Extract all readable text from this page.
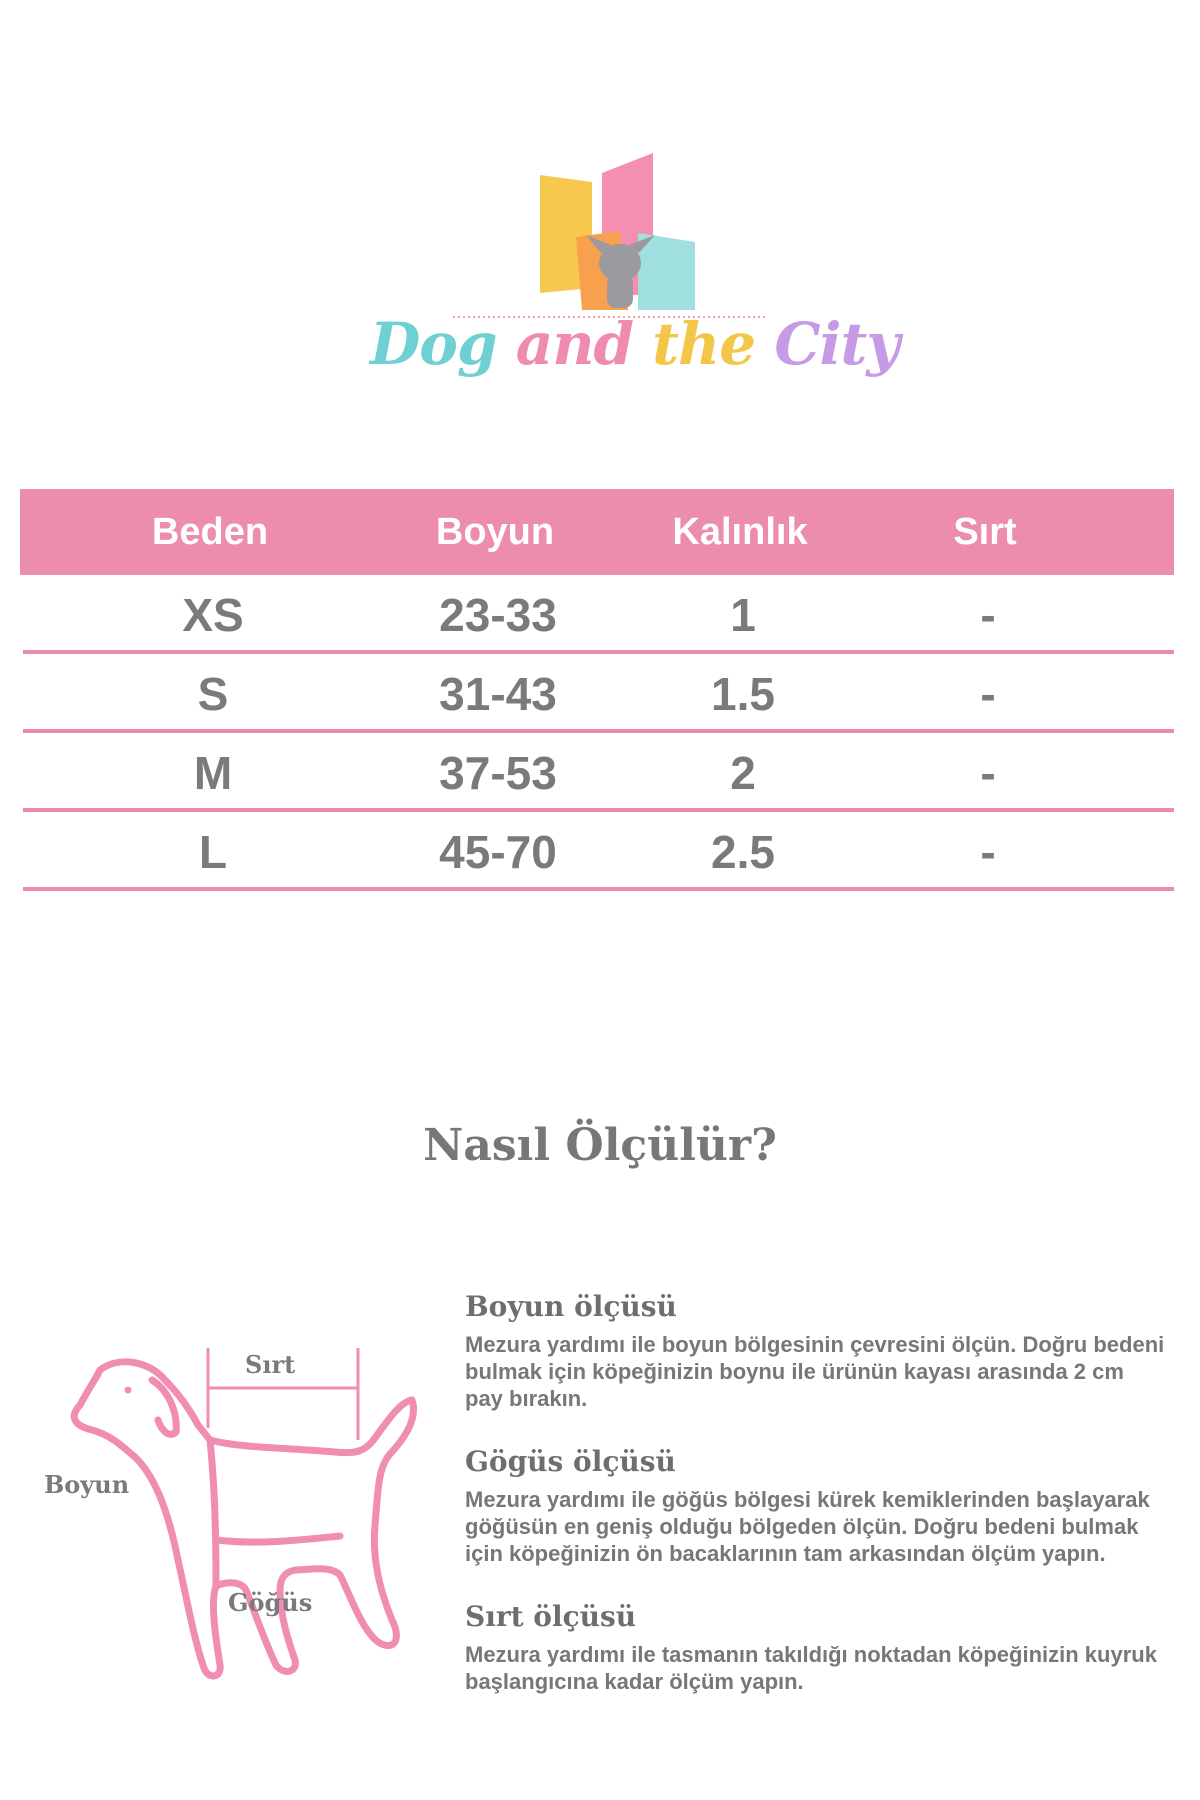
Dog and the City
Beden	Boyun	Kalınlık	Sırt
XS	23-33	1	-
S	31-43	1.5	-
M	37-53	2	-
L	45-70	2.5	-
Nasıl Ölçülür?
Sırt
Boyun
Göğüs
Boyun ölçüsü

Mezura yardımı ile boyun bölgesinin çevresini ölçün. Doğru bedeni bulmak için köpeğinizin boynu ile ürünün kayası arasında 2 cm pay bırakın.

Gögüs ölçüsü

Mezura yardımı ile göğüs bölgesi kürek kemiklerinden başlayarak göğüsün en geniş olduğu bölgeden ölçün. Doğru bedeni bulmak için köpeğinizin ön bacaklarının tam arkasından ölçüm yapın.

Sırt ölçüsü

Mezura yardımı ile tasmanın takıldığı noktadan köpeğinizin kuyruk başlangıcına kadar ölçüm yapın.
